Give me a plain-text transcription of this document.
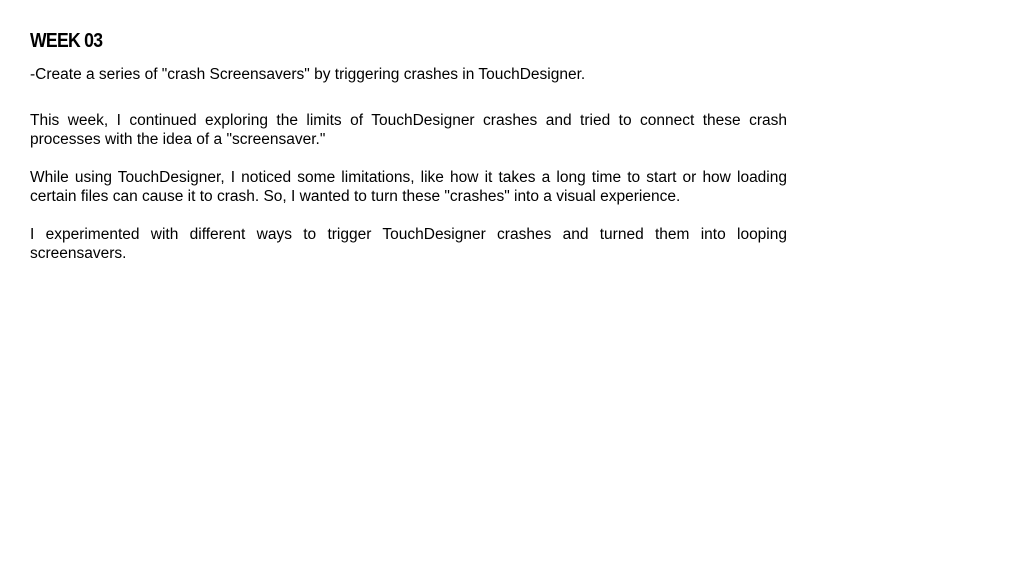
WEEK 03

-Create a series of "crash Screensavers" by triggering crashes in TouchDesigner.

This week, I continued exploring the limits of TouchDesigner crashes and tried to connect these crash processes with the idea of a "screensaver."

While using TouchDesigner, I noticed some limitations, like how it takes a long time to start or how loading certain files can cause it to crash. So, I wanted to turn these "crashes" into a visual experience.

I experimented with different ways to trigger TouchDesigner crashes and turned them into looping screensavers.
